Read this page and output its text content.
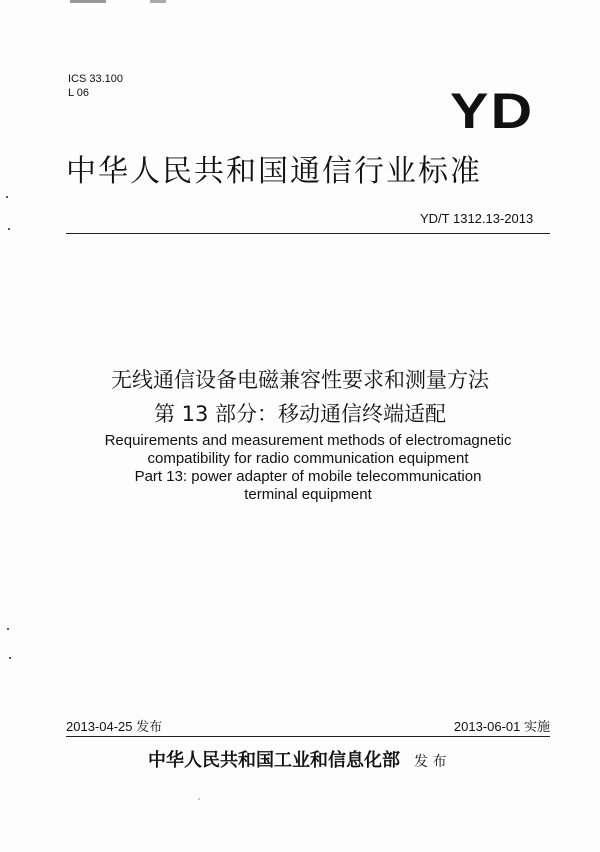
ICS 33.100
L 06	YD
中华人民共和国通信行业标准
YD/T 1312.13-2013
无线通信设备电磁兼容性要求和测量方法
第 13 部分：移动通信终端适配
Requirements and measurement methods of electromagnetic
compatibility for radio communication equipment
Part 13: power adapter of mobile telecommunication
terminal equipment
2013-04-25 发布	2013-06-01 实施
中华人民共和国工业和信息化部 发 布
